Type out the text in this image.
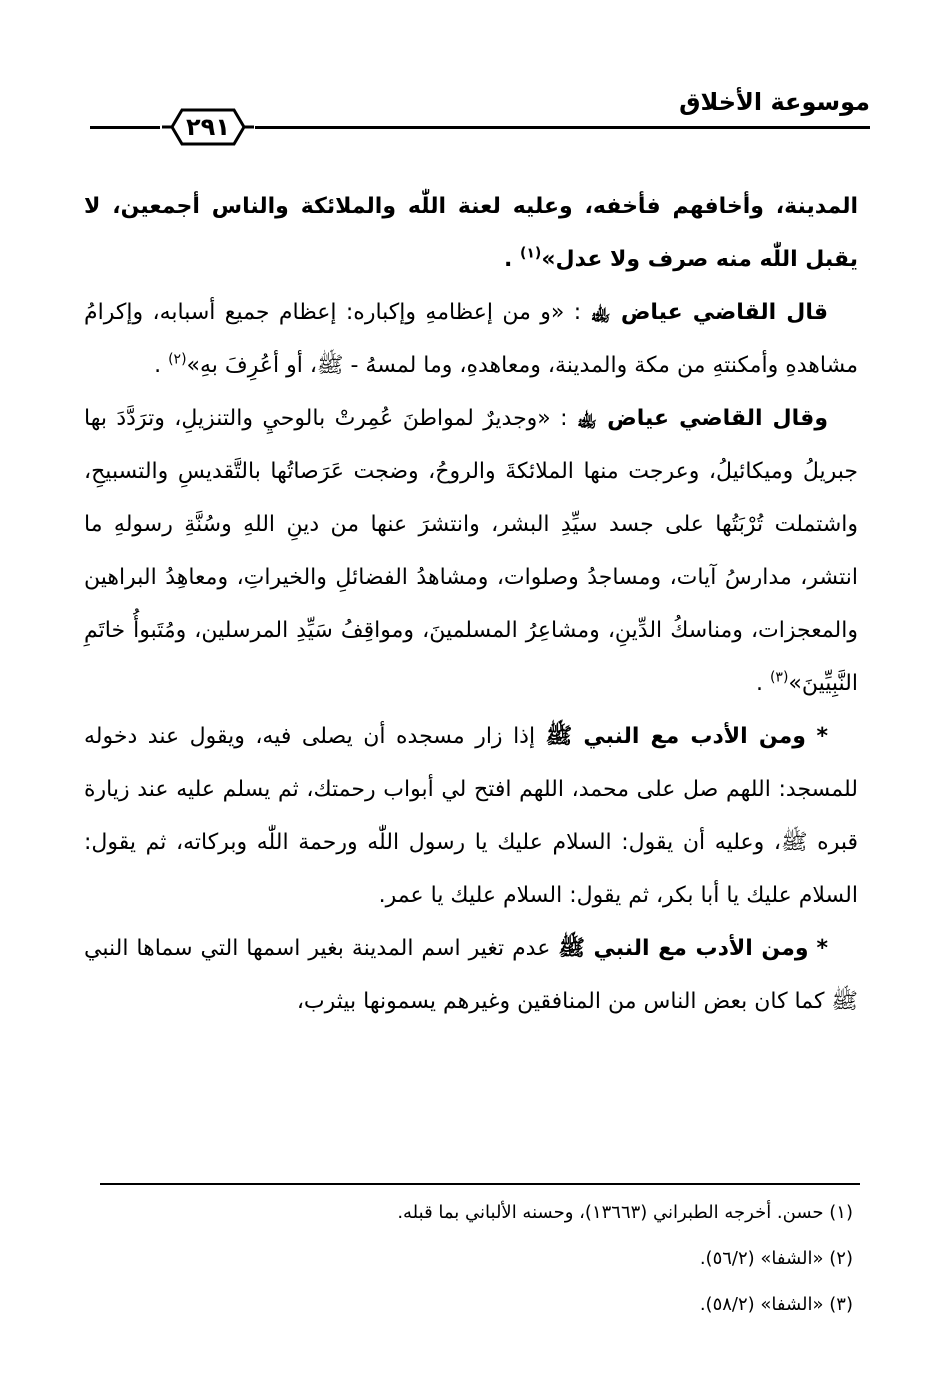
موسوعة الأخلاق
٢٩١

المدينة، وأخافهم فأخفه، وعليه لعنة اللّٰه والملائكة والناس أجمعين، لا يقبل اللّٰه منه صرف ولا عدل»$^{(١)}$ .

قال القاضي عياض ﵀ : «و من إعظامهِ وإكباره: إعظام جميع أسبابه، وإكرامُ مشاهدهِ وأمكنتهِ من مكة والمدينة، ومعاهدهِ، وما لمسهُ - ﷺ، أو أعُرِفَ بهِ»$^{(٢)}$ .

وقال القاضي عياض ﵀ : «وجديرٌ لمواطنَ عُمِرتْ بالوحيِ والتنزيلِ، وترَدَّدَ بها جبريلُ وميكائيلُ، وعرجت منها الملائكةَ والروحُ، وضجت عَرَصاتُها بالتَّقديسِ والتسبيحِ، واشتملت تُرْبَتُها على جسد سيِّدِ البشر، وانتشرَ عنها من دينِ اللهِ وسُنَّةِ رسولهِ ما انتشر، مدارسُ آيات، ومساجدُ وصلوات، ومشاهدُ الفضائلِ والخيراتِ، ومعاهِدُ البراهين والمعجزات، ومناسكُ الدِّينِ، ومشاعِرُ المسلمينَ، ومواقِفُ سَيِّدِ المرسلين، ومُتَبوأُ خاتَمِ النَّبِيِّينَ»$^{(٣)}$ .

* ومن الأدب مع النبي ﷺ إذا زار مسجده أن يصلى فيه، ويقول عند دخوله للمسجد: اللهم صل على محمد، اللهم افتح لي أبواب رحمتك، ثم يسلم عليه عند زيارة قبره ﷺ، وعليه أن يقول: السلام عليك يا رسول اللّٰه ورحمة اللّٰه وبركاته، ثم يقول: السلام عليك يا أبا بكر، ثم يقول: السلام عليك يا عمر.

* ومن الأدب مع النبي ﷺ عدم تغير اسم المدينة بغير اسمها التي سماها النبي ﷺ كما كان بعض الناس من المنافقين وغيرهم يسمونها بيثرب،

(١) حسن. أخرجه الطبراني (١٣٦٦٣)، وحسنه الألباني بما قبله.

(٢) «الشفا» (٥٦/٢).

(٣) «الشفا» (٥٨/٢).
